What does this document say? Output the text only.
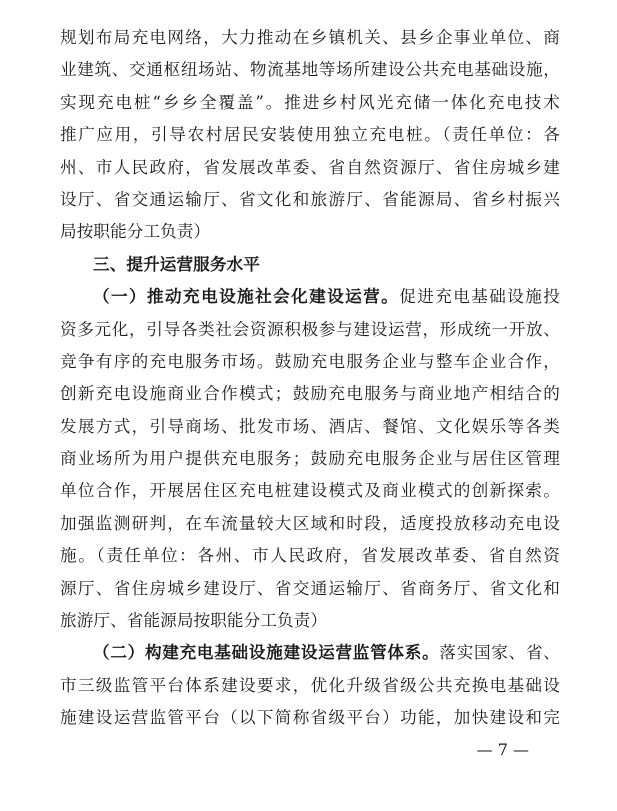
规划布局充电网络，大力推动在乡镇机关、县乡企事业单位、商
业建筑、交通枢纽场站、物流基地等场所建设公共充电基础设施，
实现充电桩“乡乡全覆盖”。推进乡村风光充储一体化充电技术
推广应用，引导农村居民安装使用独立充电桩。（责任单位：各
州、市人民政府，省发展改革委、省自然资源厅、省住房城乡建
设厅、省交通运输厅、省文化和旅游厅、省能源局、省乡村振兴
局按职能分工负责）
三、提升运营服务水平
（一）推动充电设施社会化建设运营。促进充电基础设施投
资多元化，引导各类社会资源积极参与建设运营，形成统一开放、
竞争有序的充电服务市场。鼓励充电服务企业与整车企业合作，
创新充电设施商业合作模式；鼓励充电服务与商业地产相结合的
发展方式，引导商场、批发市场、酒店、餐馆、文化娱乐等各类
商业场所为用户提供充电服务；鼓励充电服务企业与居住区管理
单位合作，开展居住区充电桩建设模式及商业模式的创新探索。
加强监测研判，在车流量较大区域和时段，适度投放移动充电设
施。（责任单位：各州、市人民政府，省发展改革委、省自然资
源厅、省住房城乡建设厅、省交通运输厅、省商务厅、省文化和
旅游厅、省能源局按职能分工负责）
（二）构建充电基础设施建设运营监管体系。落实国家、省、
市三级监管平台体系建设要求，优化升级省级公共充换电基础设
施建设运营监管平台（以下简称省级平台）功能，加快建设和完
— 7 —
